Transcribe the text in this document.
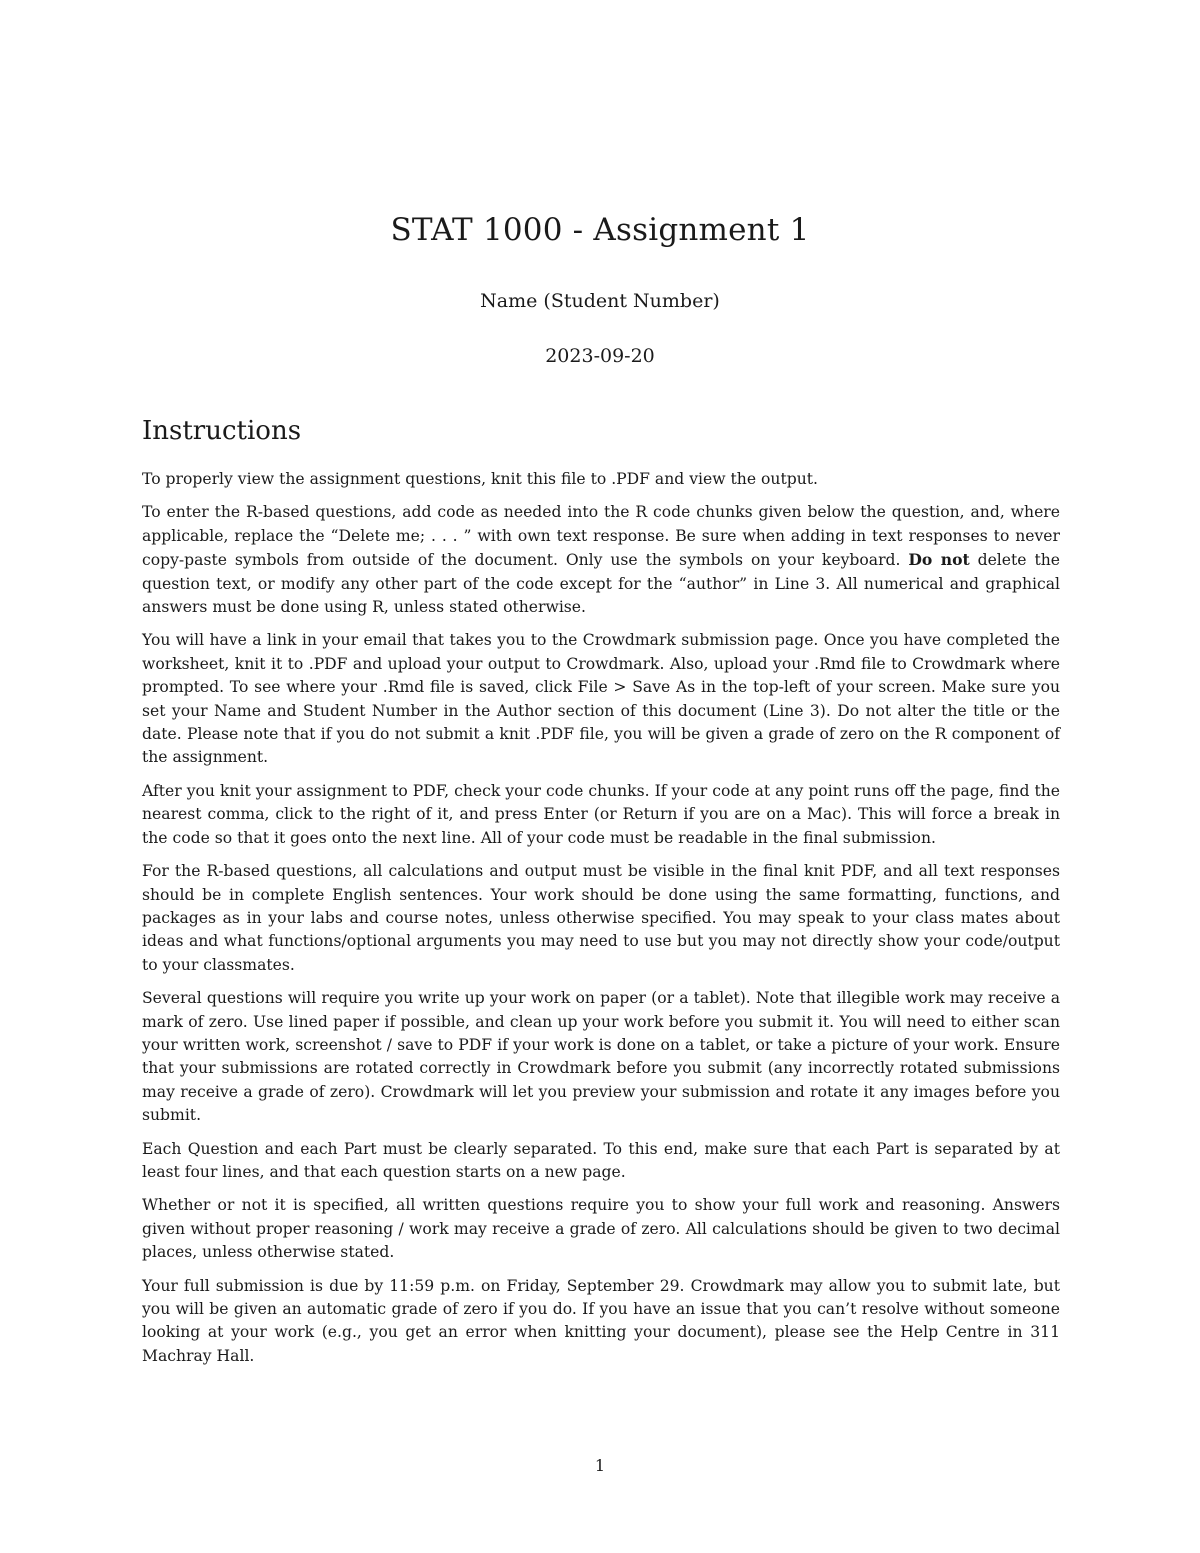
STAT 1000 - Assignment 1
Name (Student Number)
2023-09-20
Instructions

To properly view the assignment questions, knit this file to .PDF and view the output.

To enter the R-based questions, add code as needed into the R code chunks given below the question, and, where applicable, replace the “Delete me; . . . ” with own text response. Be sure when adding in text responses to never copy-paste symbols from outside of the document. Only use the symbols on your keyboard. Do not delete the question text, or modify any other part of the code except for the “author” in Line 3. All numerical and graphical answers must be done using R, unless stated otherwise.

You will have a link in your email that takes you to the Crowdmark submission page. Once you have completed the worksheet, knit it to .PDF and upload your output to Crowdmark. Also, upload your .Rmd file to Crowdmark where prompted. To see where your .Rmd file is saved, click File > Save As in the top-left of your screen. Make sure you set your Name and Student Number in the Author section of this document (Line 3). Do not alter the title or the date. Please note that if you do not submit a knit .PDF file, you will be given a grade of zero on the R component of the assignment.

After you knit your assignment to PDF, check your code chunks. If your code at any point runs off the page, find the nearest comma, click to the right of it, and press Enter (or Return if you are on a Mac). This will force a break in the code so that it goes onto the next line. All of your code must be readable in the final submission.

For the R-based questions, all calculations and output must be visible in the final knit PDF, and all text responses should be in complete English sentences. Your work should be done using the same formatting, functions, and packages as in your labs and course notes, unless otherwise specified. You may speak to your class mates about ideas and what functions/optional arguments you may need to use but you may not directly show your code/output to your classmates.

Several questions will require you write up your work on paper (or a tablet). Note that illegible work may receive a mark of zero. Use lined paper if possible, and clean up your work before you submit it. You will need to either scan your written work, screenshot / save to PDF if your work is done on a tablet, or take a picture of your work. Ensure that your submissions are rotated correctly in Crowdmark before you submit (any incorrectly rotated submissions may receive a grade of zero). Crowdmark will let you preview your submission and rotate it any images before you submit.

Each Question and each Part must be clearly separated. To this end, make sure that each Part is separated by at least four lines, and that each question starts on a new page.

Whether or not it is specified, all written questions require you to show your full work and reasoning. Answers given without proper reasoning / work may receive a grade of zero. All calculations should be given to two decimal places, unless otherwise stated.

Your full submission is due by 11:59 p.m. on Friday, September 29. Crowdmark may allow you to submit late, but you will be given an automatic grade of zero if you do. If you have an issue that you can’t resolve without someone looking at your work (e.g., you get an error when knitting your document), please see the Help Centre in 311 Machray Hall.

1
